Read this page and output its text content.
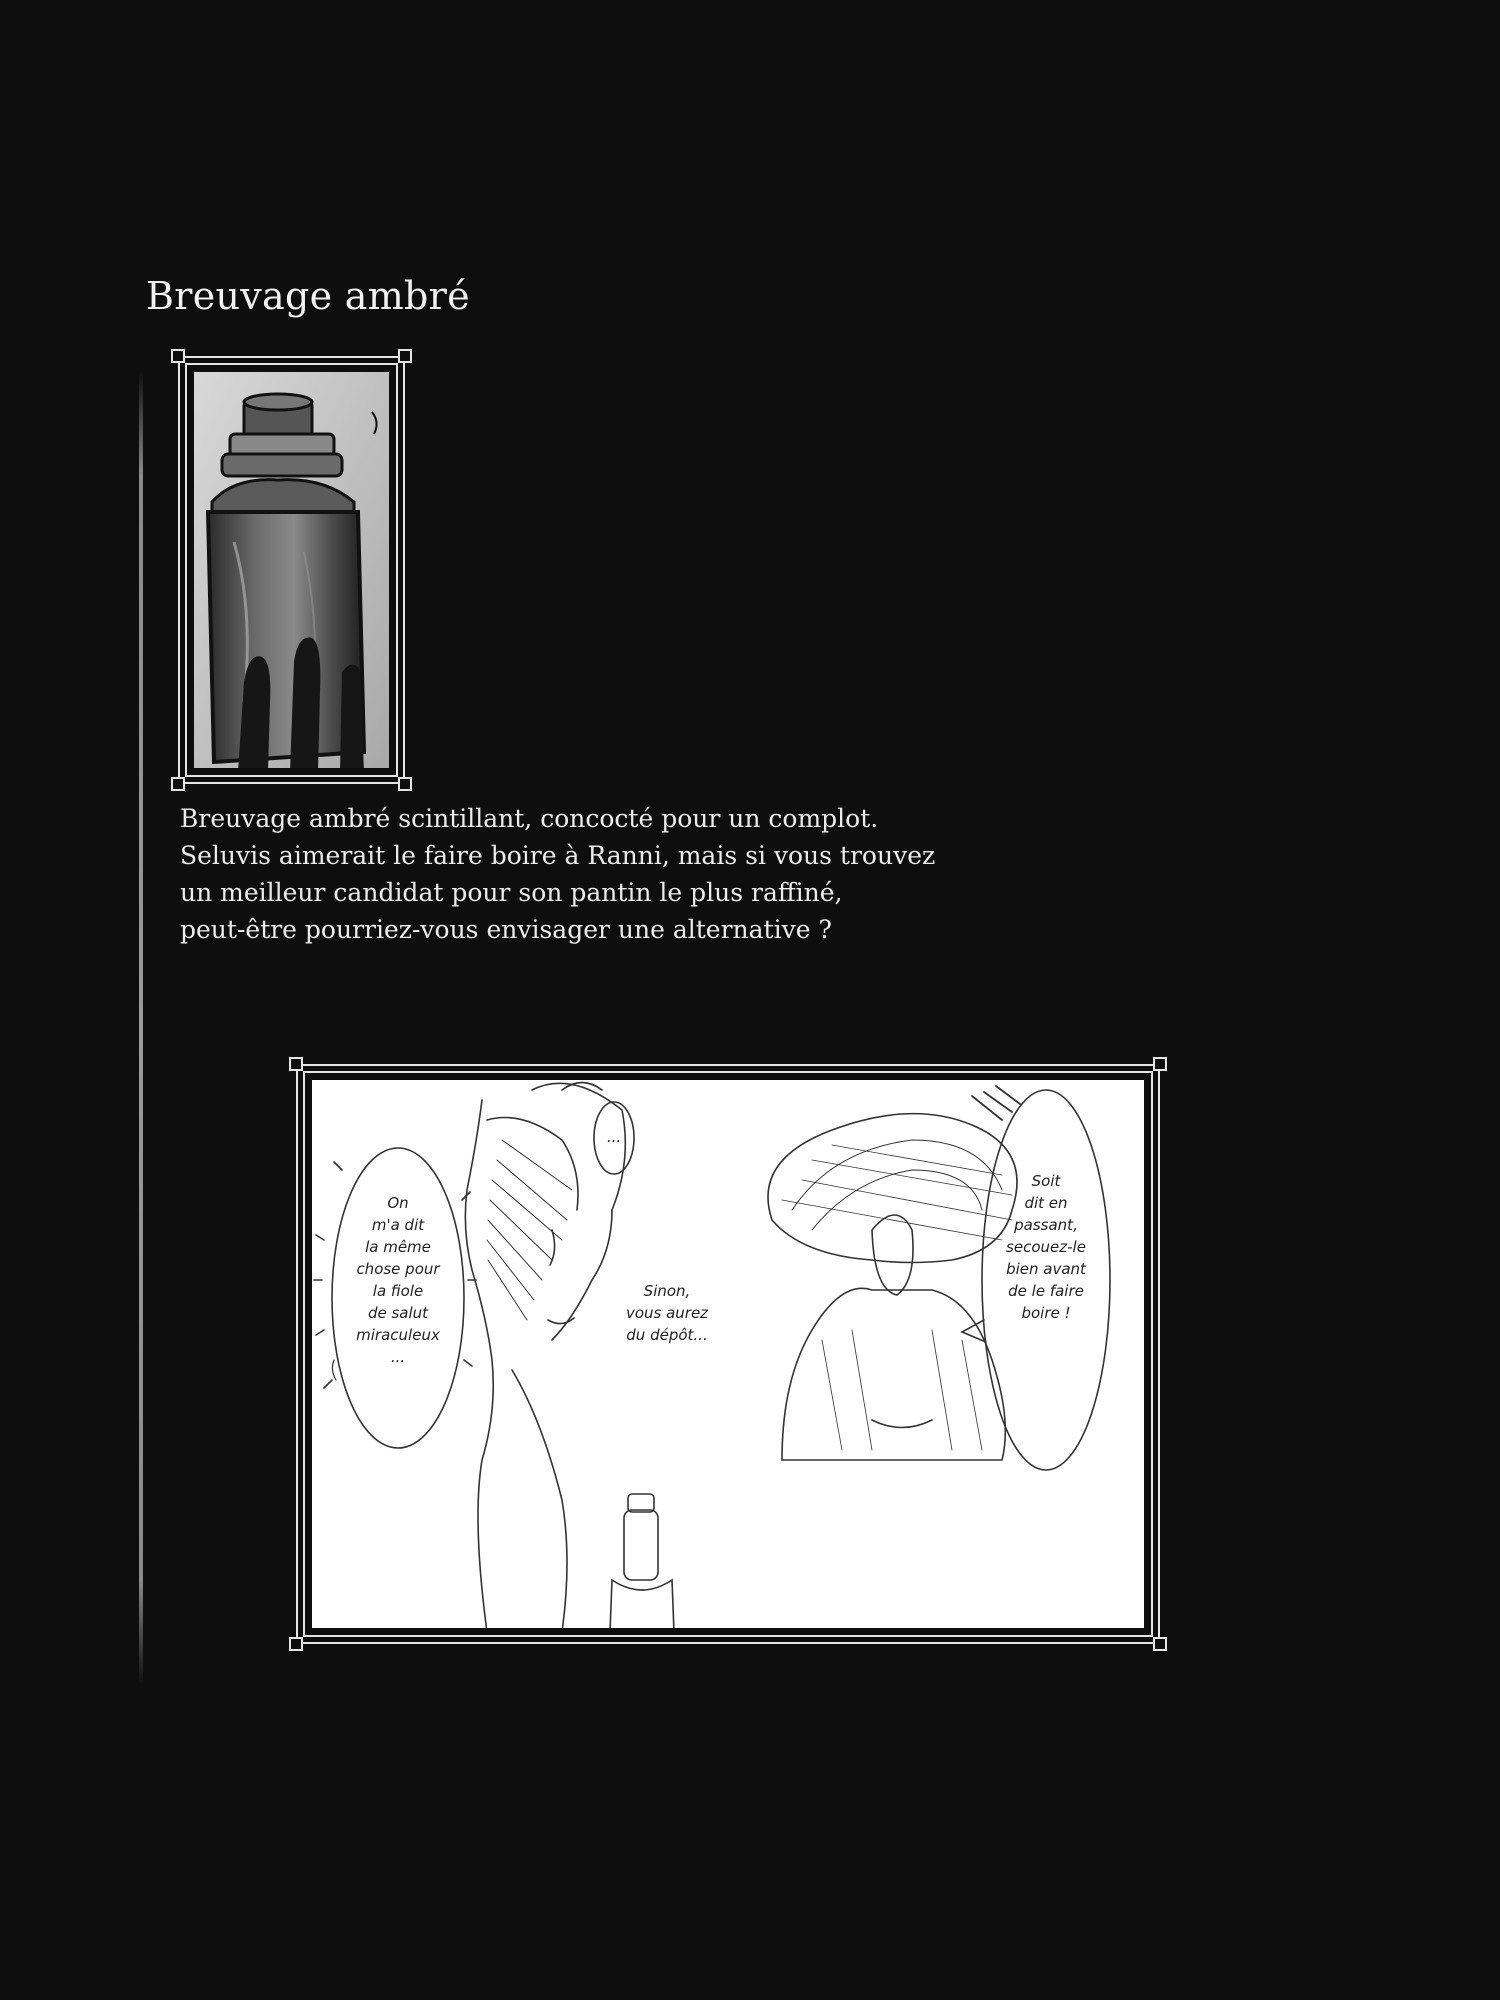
Breuvage ambré
Breuvage ambré scintillant, concocté pour un complot.
Seluvis aimerait le faire boire à Ranni, mais si vous trouvez
un meilleur candidat pour son pantin le plus raffiné,
peut-être pourriez-vous envisager une alternative ?
On
m'a dit
la même
chose pour
la fiole
de salut
miraculeux
...
...
Sinon,
vous aurez
du dépôt...
Soit
dit en
passant,
secouez-le
bien avant
de le faire
boire !
